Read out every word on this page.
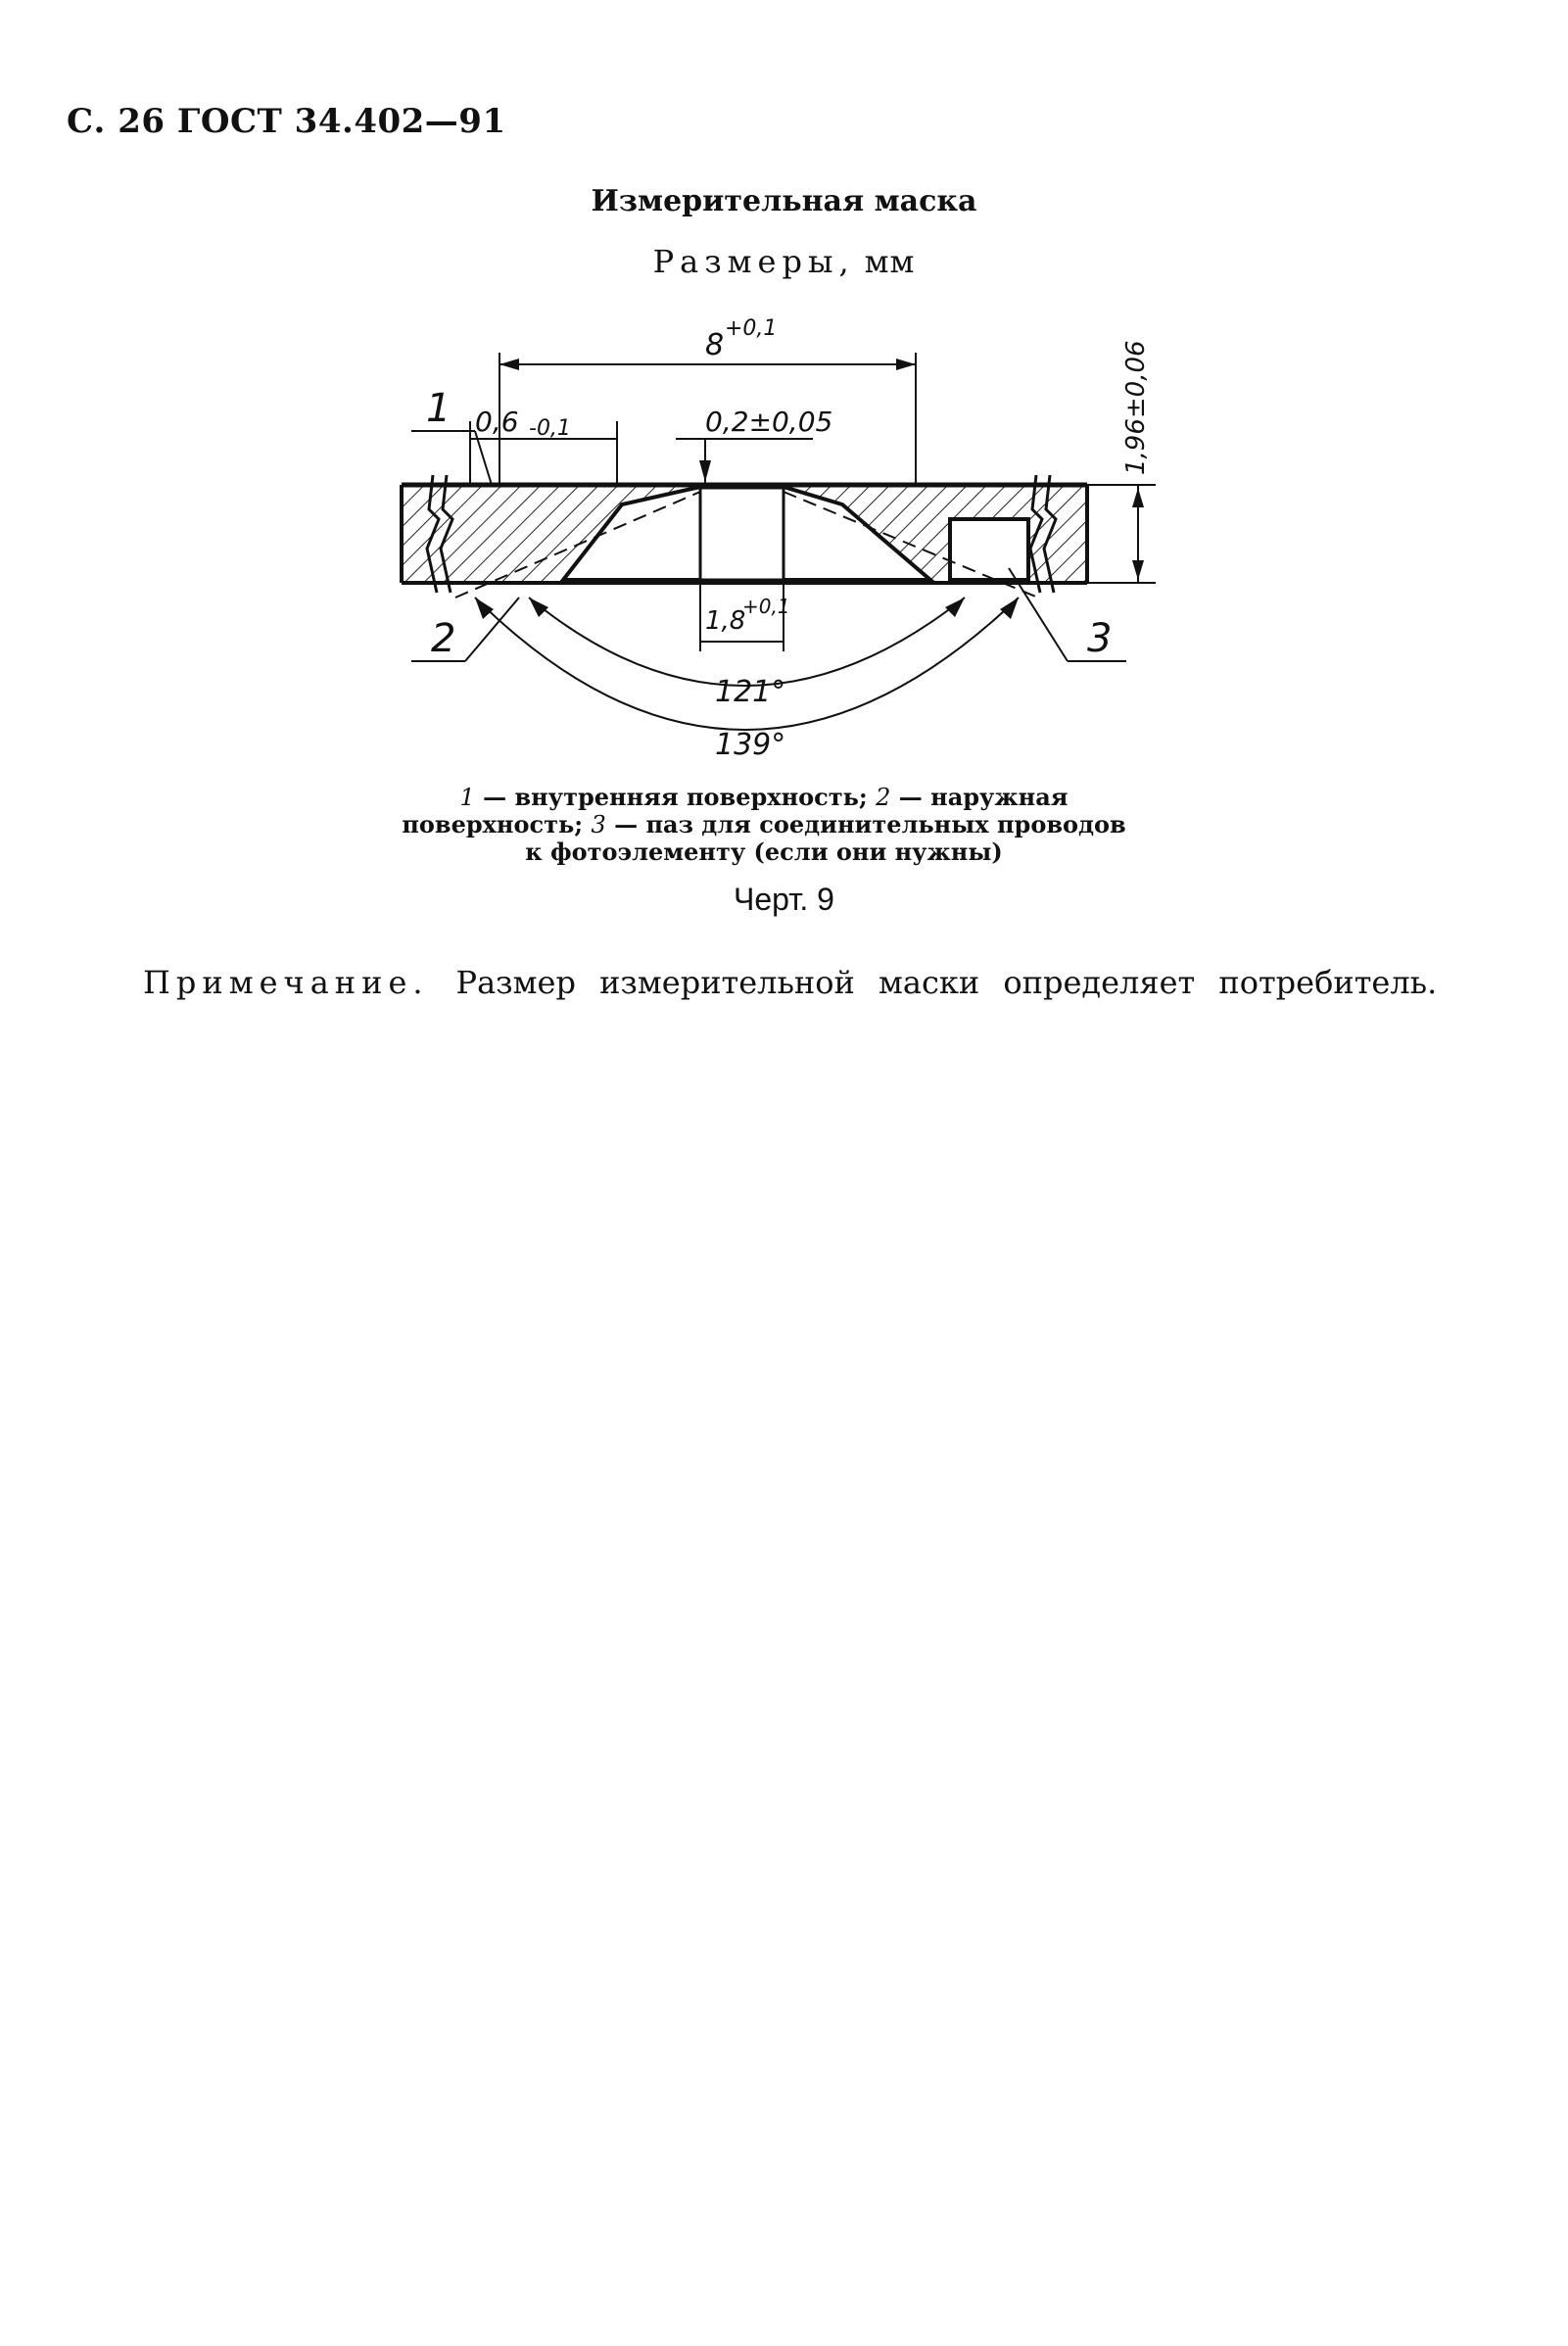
С. 26 ГОСТ 34.402—91
Измерительная маска
Размеры, мм
8 +0,1
0,6 -0,1	0,2±0,05	1,96±0,06
1,8
+0,1
121°
139°
1
2	3
1 — внутренняя поверхность; 2 — наружная поверхность; 3 — паз для соединительных проводов к фотоэлементу (если они нужны)
Черт. 9
Примечание. Размер измерительной маски определяет потребитель.
